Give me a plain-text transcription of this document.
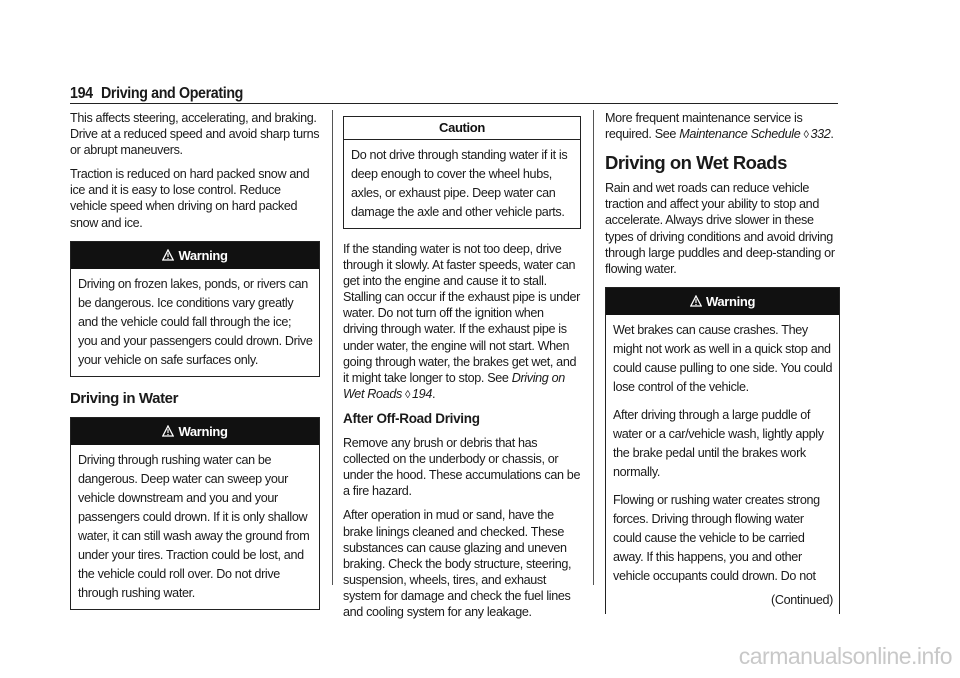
194 Driving and Operating

This affects steering, accelerating, and braking. Drive at a reduced speed and avoid sharp turns or abrupt maneuvers.

Traction is reduced on hard packed snow and ice and it is easy to lose control. Reduce vehicle speed when driving on hard packed snow and ice.

Warning
Driving on frozen lakes, ponds, or rivers can be dangerous. Ice conditions vary greatly and the vehicle could fall through the ice; you and your passengers could drown. Drive your vehicle on safe surfaces only.
Driving in Water
Warning
Driving through rushing water can be dangerous. Deep water can sweep your vehicle downstream and you and your passengers could drown. If it is only shallow water, it can still wash away the ground from under your tires. Traction could be lost, and the vehicle could roll over. Do not drive through rushing water.
Caution
Do not drive through standing water if it is deep enough to cover the wheel hubs, axles, or exhaust pipe. Deep water can damage the axle and other vehicle parts.

If the standing water is not too deep, drive through it slowly. At faster speeds, water can get into the engine and cause it to stall. Stalling can occur if the exhaust pipe is under water. Do not turn off the ignition when driving through water. If the exhaust pipe is under water, the engine will not start. When going through water, the brakes get wet, and it might take longer to stop. See Driving on Wet Roads ◊ 194.

After Off-Road Driving

Remove any brush or debris that has collected on the underbody or chassis, or under the hood. These accumulations can be a fire hazard.

After operation in mud or sand, have the brake linings cleaned and checked. These substances can cause glazing and uneven braking. Check the body structure, steering, suspension, wheels, tires, and exhaust system for damage and check the fuel lines and cooling system for any leakage.

More frequent maintenance service is required. See Maintenance Schedule ◊ 332.

Driving on Wet Roads

Rain and wet roads can reduce vehicle traction and affect your ability to stop and accelerate. Always drive slower in these types of driving conditions and avoid driving through large puddles and deep-standing or flowing water.

Warning

Wet brakes can cause crashes. They might not work as well in a quick stop and could cause pulling to one side. You could lose control of the vehicle.

After driving through a large puddle of water or a car/vehicle wash, lightly apply the brake pedal until the brakes work normally.

Flowing or rushing water creates strong forces. Driving through flowing water could cause the vehicle to be carried away. If this happens, you and other vehicle occupants could drown. Do not

(Continued)
carmanualsonline.info
